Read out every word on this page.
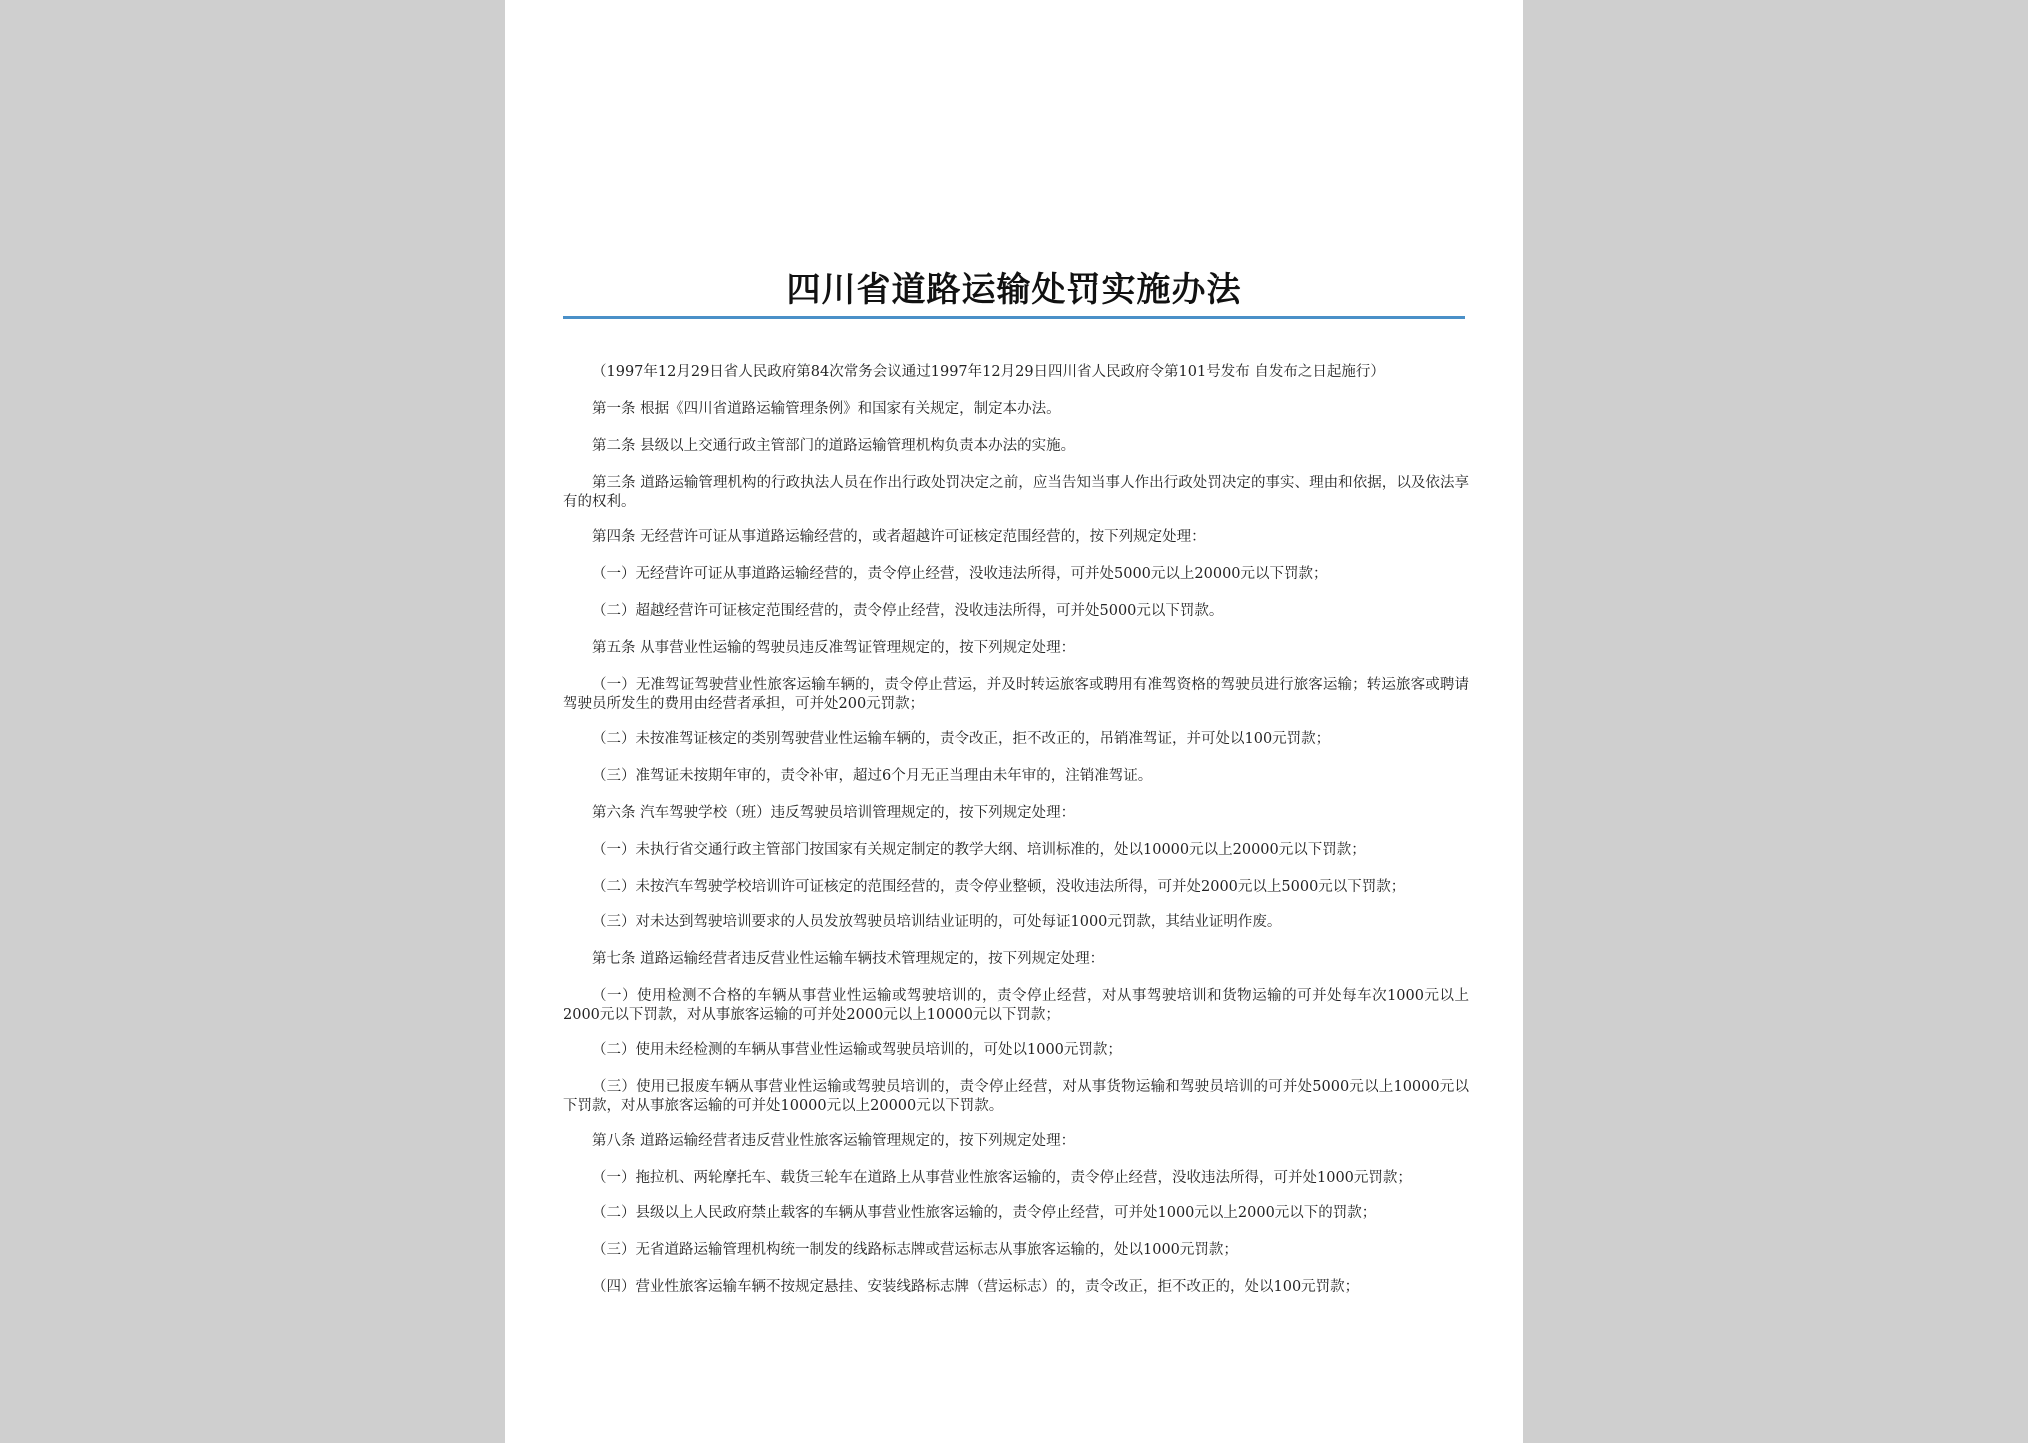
四川省道路运输处罚实施办法

（1997年12月29日省人民政府第84次常务会议通过1997年12月29日四川省人民政府令第101号发布 自发布之日起施行）

第一条 根据《四川省道路运输管理条例》和国家有关规定，制定本办法。

第二条 县级以上交通行政主管部门的道路运输管理机构负责本办法的实施。

第三条 道路运输管理机构的行政执法人员在作出行政处罚决定之前，应当告知当事人作出行政处罚决定的事实、理由和依据，以及依法享有的权利。

第四条 无经营许可证从事道路运输经营的，或者超越许可证核定范围经营的，按下列规定处理：

（一）无经营许可证从事道路运输经营的，责令停止经营，没收违法所得，可并处5000元以上20000元以下罚款；

（二）超越经营许可证核定范围经营的，责令停止经营，没收违法所得，可并处5000元以下罚款。

第五条 从事营业性运输的驾驶员违反准驾证管理规定的，按下列规定处理：

（一）无准驾证驾驶营业性旅客运输车辆的，责令停止营运，并及时转运旅客或聘用有准驾资格的驾驶员进行旅客运输；转运旅客或聘请驾驶员所发生的费用由经营者承担，可并处200元罚款；

（二）未按准驾证核定的类别驾驶营业性运输车辆的，责令改正，拒不改正的，吊销准驾证，并可处以100元罚款；

（三）准驾证未按期年审的，责令补审，超过6个月无正当理由未年审的，注销准驾证。

第六条 汽车驾驶学校（班）违反驾驶员培训管理规定的，按下列规定处理：

（一）未执行省交通行政主管部门按国家有关规定制定的教学大纲、培训标准的，处以10000元以上20000元以下罚款；

（二）未按汽车驾驶学校培训许可证核定的范围经营的，责令停业整顿，没收违法所得，可并处2000元以上5000元以下罚款；

（三）对未达到驾驶培训要求的人员发放驾驶员培训结业证明的，可处每证1000元罚款，其结业证明作废。

第七条 道路运输经营者违反营业性运输车辆技术管理规定的，按下列规定处理：

（一）使用检测不合格的车辆从事营业性运输或驾驶培训的，责令停止经营，对从事驾驶培训和货物运输的可并处每车次1000元以上2000元以下罚款，对从事旅客运输的可并处2000元以上10000元以下罚款；

（二）使用未经检测的车辆从事营业性运输或驾驶员培训的，可处以1000元罚款；

（三）使用已报废车辆从事营业性运输或驾驶员培训的，责令停止经营，对从事货物运输和驾驶员培训的可并处5000元以上10000元以下罚款，对从事旅客运输的可并处10000元以上20000元以下罚款。

第八条 道路运输经营者违反营业性旅客运输管理规定的，按下列规定处理：

（一）拖拉机、两轮摩托车、载货三轮车在道路上从事营业性旅客运输的，责令停止经营，没收违法所得，可并处1000元罚款；

（二）县级以上人民政府禁止载客的车辆从事营业性旅客运输的，责令停止经营，可并处1000元以上2000元以下的罚款；

（三）无省道路运输管理机构统一制发的线路标志牌或营运标志从事旅客运输的，处以1000元罚款；

（四）营业性旅客运输车辆不按规定悬挂、安装线路标志牌（营运标志）的，责令改正，拒不改正的，处以100元罚款；
